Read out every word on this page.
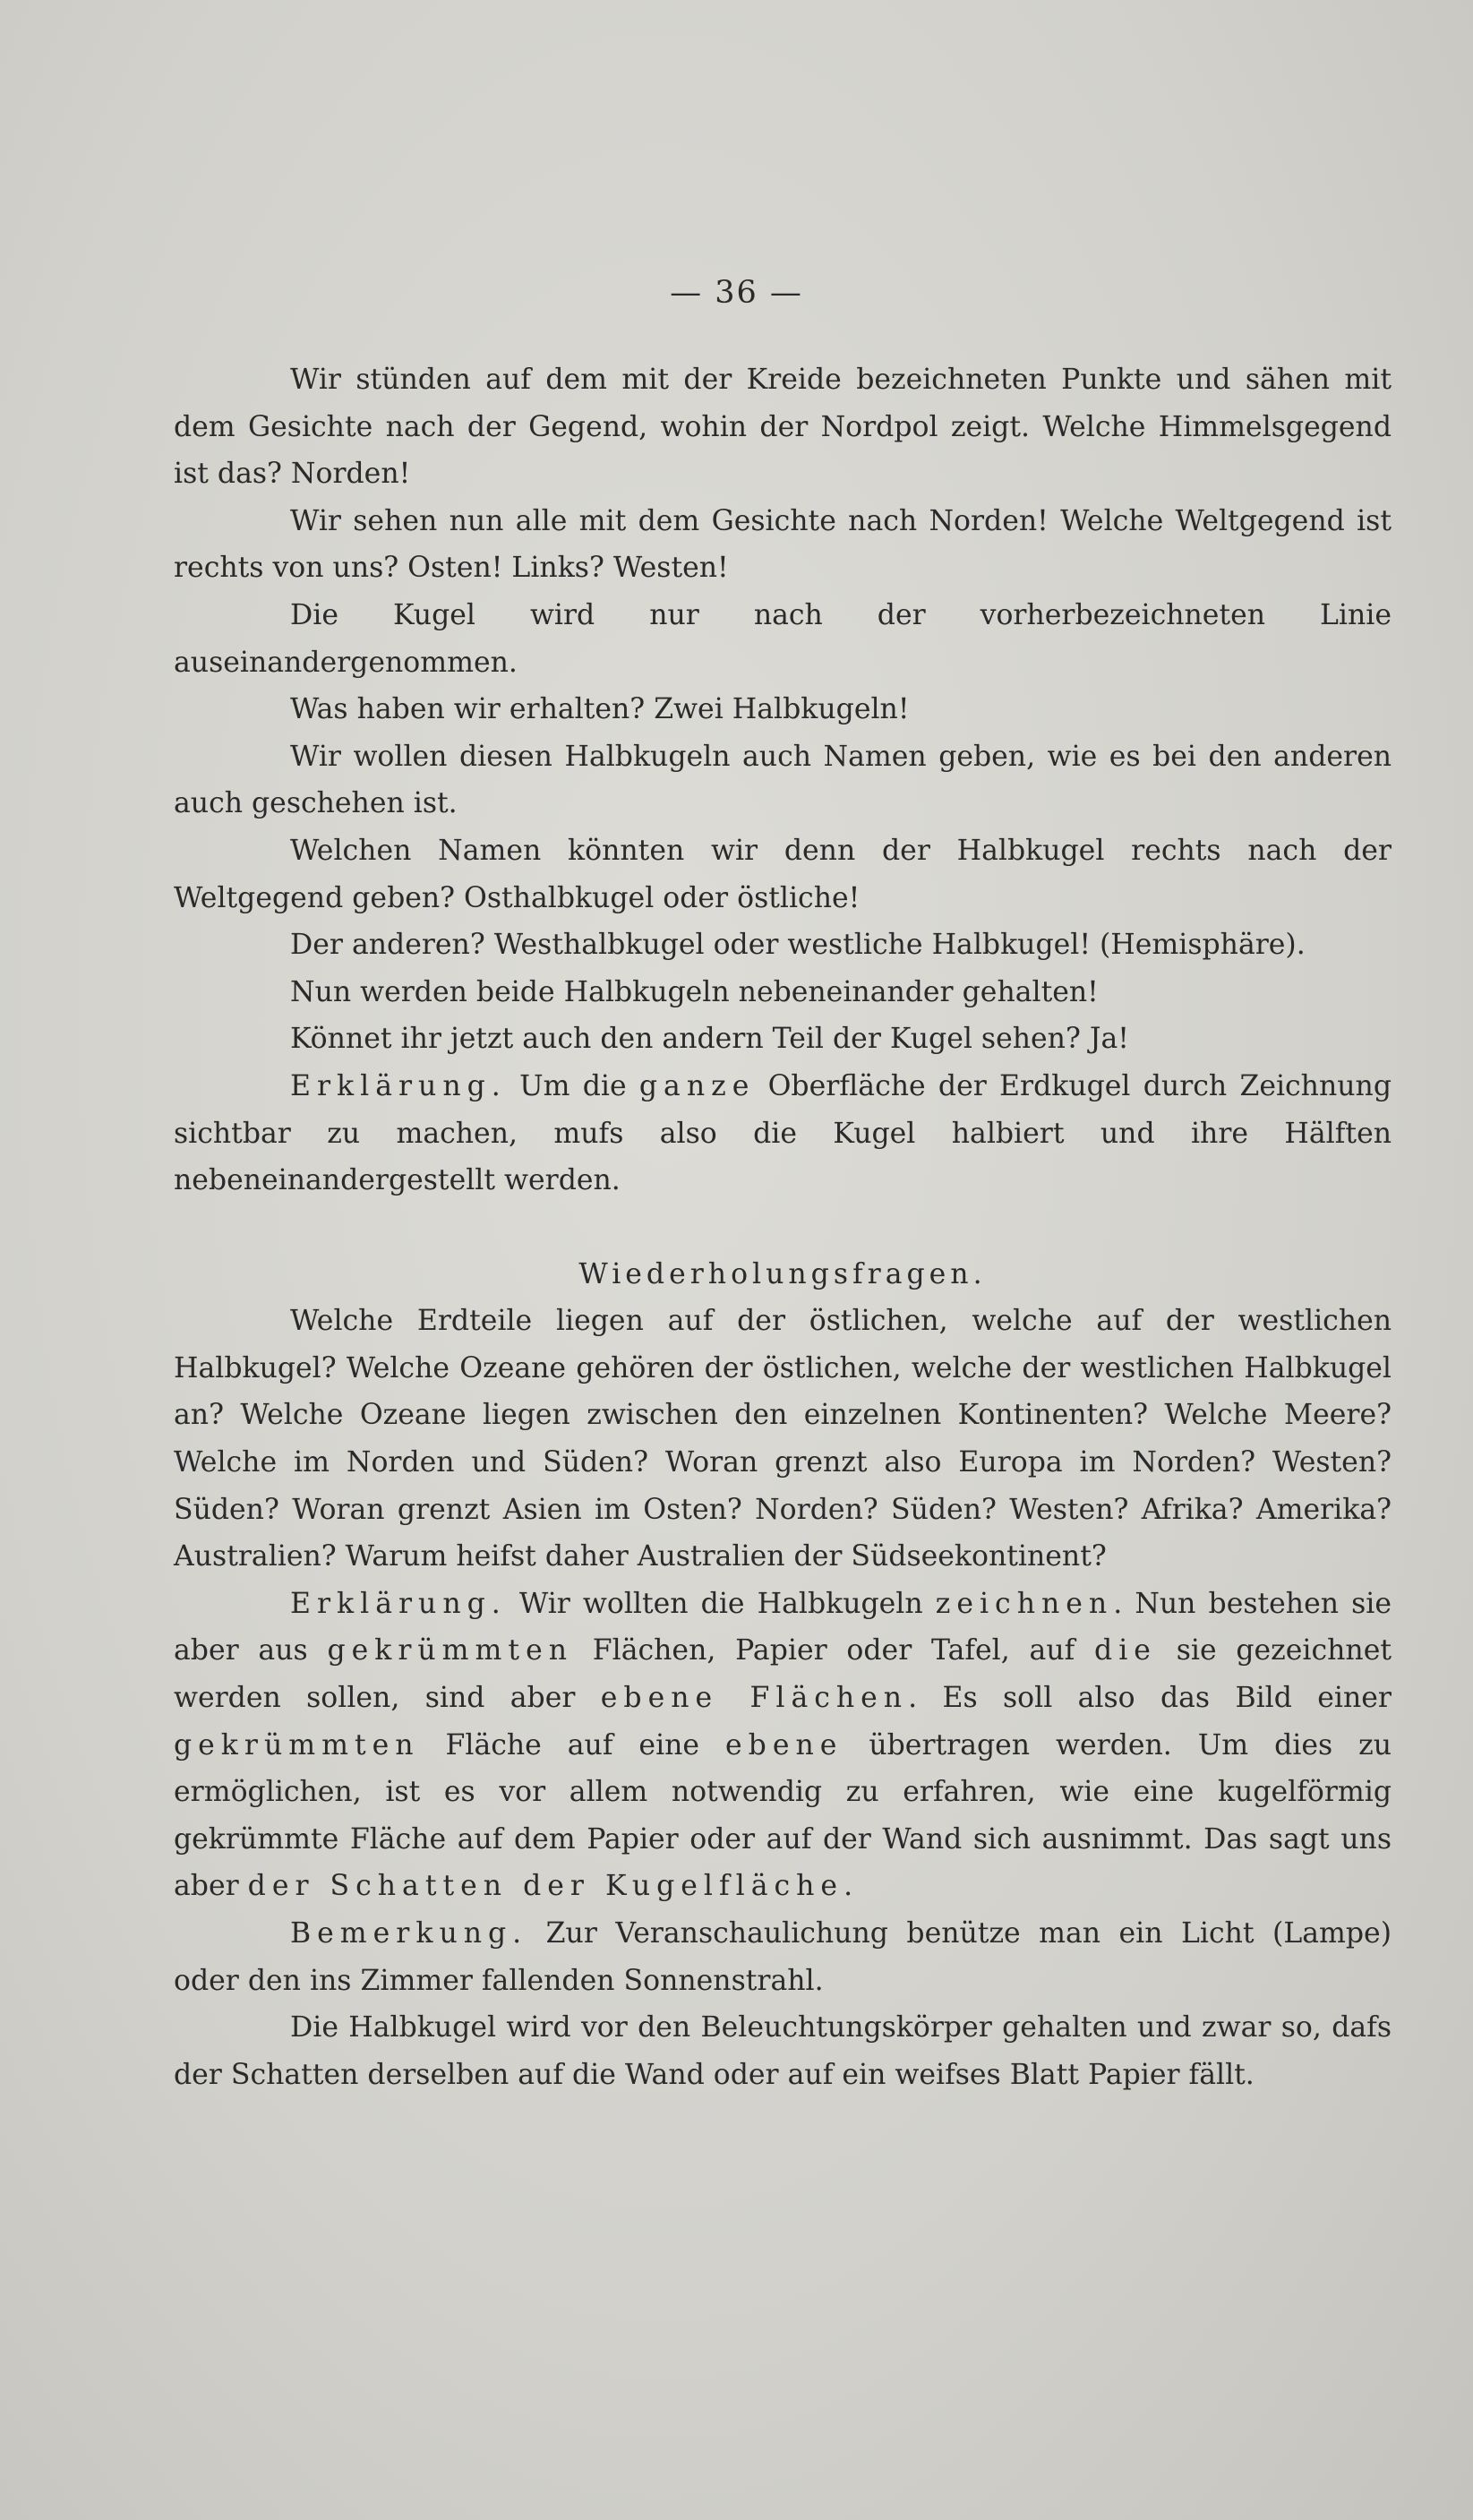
— 36 —

Wir stünden auf dem mit der Kreide bezeichneten Punkte und sähen mit dem Gesichte nach der Gegend, wohin der Nordpol zeigt. Welche Himmelsgegend ist das? Norden!

Wir sehen nun alle mit dem Gesichte nach Norden! Welche Weltgegend ist rechts von uns? Osten! Links? Westen!

Die Kugel wird nur nach der vorherbezeichneten Linie auseinandergenommen.

Was haben wir erhalten? Zwei Halbkugeln!

Wir wollen diesen Halbkugeln auch Namen geben, wie es bei den anderen auch geschehen ist.

Welchen Namen könnten wir denn der Halbkugel rechts nach der Weltgegend geben? Osthalbkugel oder östliche!

Der anderen? Westhalbkugel oder westliche Halbkugel! (Hemisphäre).

Nun werden beide Halbkugeln nebeneinander gehalten!

Könnet ihr jetzt auch den andern Teil der Kugel sehen? Ja!

Erklärung. Um die ganze Oberfläche der Erdkugel durch Zeichnung sichtbar zu machen, mufs also die Kugel halbiert und ihre Hälften nebeneinandergestellt werden.

Wiederholungsfragen.

Welche Erdteile liegen auf der östlichen, welche auf der westlichen Halbkugel? Welche Ozeane gehören der östlichen, welche der westlichen Halbkugel an? Welche Ozeane liegen zwischen den einzelnen Kontinenten? Welche Meere? Welche im Norden und Süden? Woran grenzt also Europa im Norden? Westen? Süden? Woran grenzt Asien im Osten? Norden? Süden? Westen? Afrika? Amerika? Australien? Warum heifst daher Australien der Südseekontinent?

Erklärung. Wir wollten die Halbkugeln zeichnen. Nun bestehen sie aber aus gekrümmten Flächen, Papier oder Tafel, auf die sie gezeichnet werden sollen, sind aber ebene Flächen. Es soll also das Bild einer gekrümmten Fläche auf eine ebene übertragen werden. Um dies zu ermöglichen, ist es vor allem notwendig zu erfahren, wie eine kugelförmig gekrümmte Fläche auf dem Papier oder auf der Wand sich ausnimmt. Das sagt uns aber der Schatten der Kugelfläche.

Bemerkung. Zur Veranschaulichung benütze man ein Licht (Lampe) oder den ins Zimmer fallenden Sonnenstrahl.

Die Halbkugel wird vor den Beleuchtungskörper gehalten und zwar so, dafs der Schatten derselben auf die Wand oder auf ein weifses Blatt Papier fällt.
